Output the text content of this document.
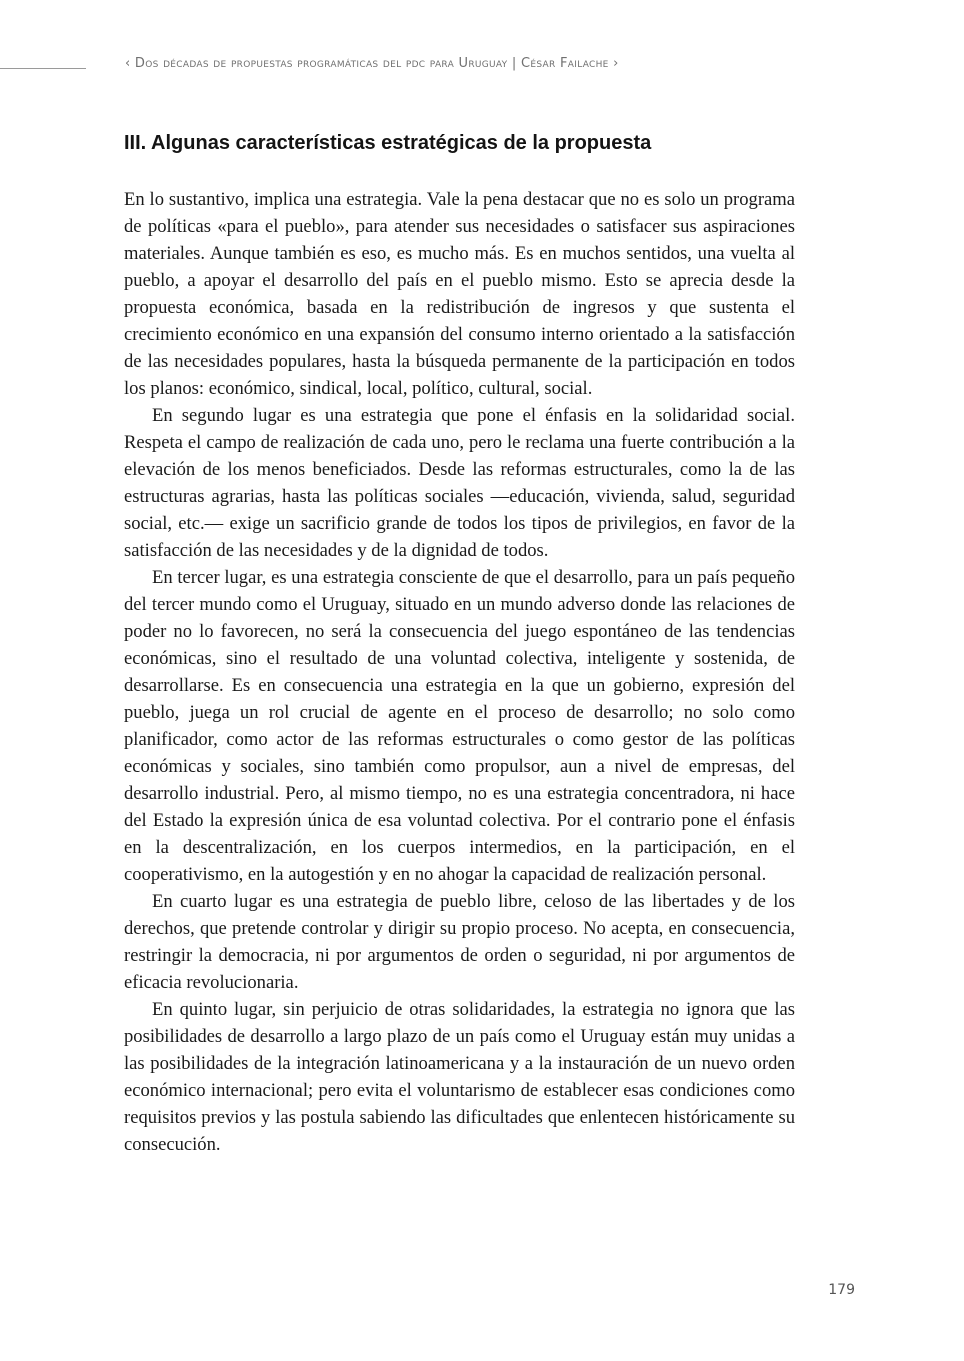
‹ Dos décadas de propuestas programáticas del pdc para Uruguay | César Failache ›
III. Algunas características estratégicas de la propuesta

En lo sustantivo, implica una estrategia. Vale la pena destacar que no es solo un programa de políticas «para el pueblo», para atender sus necesidades o satisfacer sus aspiraciones materiales. Aunque también es eso, es mucho más. Es en muchos sentidos, una vuelta al pueblo, a apoyar el desarrollo del país en el pueblo mismo. Esto se aprecia desde la propuesta económica, basada en la redistribución de ingresos y que sustenta el crecimiento económico en una expansión del consumo interno orientado a la satisfacción de las necesidades populares, hasta la búsqueda permanente de la participación en todos los planos: económico, sindical, local, político, cultural, social.

En segundo lugar es una estrategia que pone el énfasis en la solidaridad social. Respeta el campo de realización de cada uno, pero le reclama una fuerte contribución a la elevación de los menos beneficiados. Desde las reformas estructurales, como la de las estructuras agrarias, hasta las políticas sociales —educación, vivienda, salud, seguridad social, etc.— exige un sacrificio grande de todos los tipos de privilegios, en favor de la satisfacción de las necesidades y de la dignidad de todos.

En tercer lugar, es una estrategia consciente de que el desarrollo, para un país pequeño del tercer mundo como el Uruguay, situado en un mundo adverso donde las relaciones de poder no lo favorecen, no será la consecuencia del juego espontáneo de las tendencias económicas, sino el resultado de una voluntad colectiva, inteligente y sostenida, de desarrollarse. Es en consecuencia una estrategia en la que un gobierno, expresión del pueblo, juega un rol crucial de agente en el proceso de desarrollo; no solo como planificador, como actor de las reformas estructurales o como gestor de las políticas económicas y sociales, sino también como propulsor, aun a nivel de empresas, del desarrollo industrial. Pero, al mismo tiempo, no es una estrategia concentradora, ni hace del Estado la expresión única de esa voluntad colectiva. Por el contrario pone el énfasis en la descentralización, en los cuerpos intermedios, en la participación, en el cooperativismo, en la autogestión y en no ahogar la capacidad de realización personal.

En cuarto lugar es una estrategia de pueblo libre, celoso de las libertades y de los derechos, que pretende controlar y dirigir su propio proceso. No acepta, en consecuencia, restringir la democracia, ni por argumentos de orden o seguridad, ni por argumentos de eficacia revolucionaria.

En quinto lugar, sin perjuicio de otras solidaridades, la estrategia no ignora que las posibilidades de desarrollo a largo plazo de un país como el Uruguay están muy unidas a las posibilidades de la integración latinoamericana y a la instauración de un nuevo orden económico internacional; pero evita el voluntarismo de establecer esas condiciones como requisitos previos y las postula sabiendo las dificultades que enlentecen históricamente su consecución.

179
